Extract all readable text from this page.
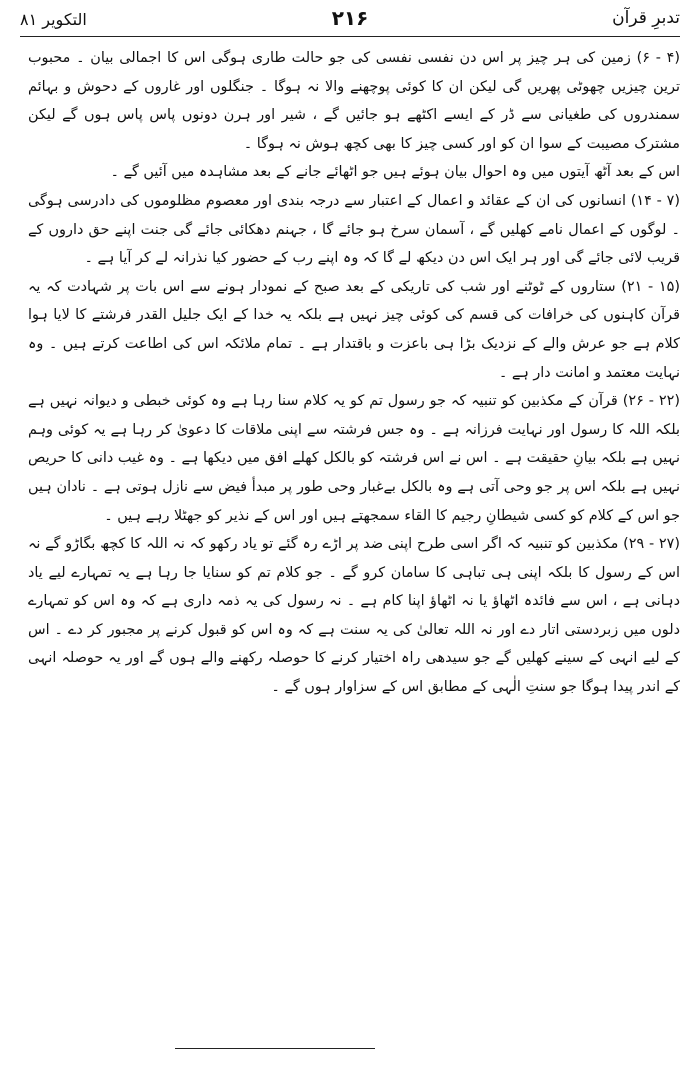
التکویر ۸۱	۲۱۶	تدبرِ قرآن

(۴ - ۶) زمین کی ہر چیز پر اس دن نفسی نفسی کی جو حالت طاری ہوگی اس کا اجمالی بیان ۔ محبوب ترین چیزیں چھوٹی پھریں گی لیکن ان کا کوئی پوچھنے والا نہ ہوگا ۔ جنگلوں اور غاروں کے دحوش و بہائم سمندروں کی طغیانی سے ڈر کے ایسے اکٹھے ہو جائیں گے ، شیر اور ہرن دونوں پاس پاس ہوں گے لیکن مشترک مصیبت کے سوا ان کو اور کسی چیز کا بھی کچھ ہوش نہ ہوگا ۔

اس کے بعد آٹھ آیتوں میں وہ احوال بیان ہوئے ہیں جو اٹھائے جانے کے بعد مشاہدہ میں آئیں گے ۔

(۷ - ۱۴) انسانوں کی ان کے عقائد و اعمال کے اعتبار سے درجہ بندی اور معصوم مظلوموں کی دادرسی ہوگی ۔ لوگوں کے اعمال نامے کھلیں گے ، آسمان سرخ ہو جائے گا ، جہنم دھکائی جائے گی جنت اپنے حق داروں کے قریب لائی جائے گی اور ہر ایک اس دن دیکھ لے گا کہ وہ اپنے رب کے حضور کیا نذرانہ لے کر آیا ہے ۔

(۱۵ - ۲۱) ستاروں کے ٹوٹنے اور شب کی تاریکی کے بعد صبح کے نمودار ہونے سے اس بات پر شہادت کہ یہ قرآن کاہنوں کی خرافات کی قسم کی کوئی چیز نہیں ہے بلکہ یہ خدا کے ایک جلیل القدر فرشتے کا لایا ہوا کلام ہے جو عرش والے کے نزدیک بڑا ہی باعزت و باقتدار ہے ۔ تمام ملائکہ اس کی اطاعت کرتے ہیں ۔ وہ نہایت معتمد و امانت دار ہے ۔

(۲۲ - ۲۶) قرآن کے مکذبین کو تنبیہ کہ جو رسول تم کو یہ کلام سنا رہا ہے وہ کوئی خبطی و دیوانہ نہیں ہے بلکہ اللہ کا رسول اور نہایت فرزانہ ہے ۔ وہ جس فرشتہ سے اپنی ملاقات کا دعویٰ کر رہا ہے یہ کوئی وہم نہیں ہے بلکہ بیانِ حقیقت ہے ۔ اس نے اس فرشتہ کو بالکل کھلے افق میں دیکھا ہے ۔ وہ غیب دانی کا حریص نہیں ہے بلکہ اس پر جو وحی آتی ہے وہ بالکل بےغبار وحی طور پر مبدأ فیض سے نازل ہوتی ہے ۔ نادان ہیں جو اس کے کلام کو کسی شیطانِ رجیم کا القاء سمجھتے ہیں اور اس کے نذیر کو جھٹلا رہے ہیں ۔

(۲۷ - ۲۹) مکذبین کو تنبیہ کہ اگر اسی طرح اپنی ضد پر اڑے رہ گئے تو یاد رکھو کہ نہ اللہ کا کچھ بگاڑو گے نہ اس کے رسول کا بلکہ اپنی ہی تباہی کا سامان کرو گے ۔ جو کلام تم کو سنایا جا رہا ہے یہ تمہارے لیے یاد دہانی ہے ، اس سے فائدہ اٹھاؤ یا نہ اٹھاؤ اپنا کام ہے ۔ نہ رسول کی یہ ذمہ داری ہے کہ وہ اس کو تمہارے دلوں میں زبردستی اتار دے اور نہ اللہ تعالیٰ کی یہ سنت ہے کہ وہ اس کو قبول کرنے پر مجبور کر دے ۔ اس کے لیے انہی کے سینے کھلیں گے جو سیدھی راہ اختیار کرنے کا حوصلہ رکھنے والے ہوں گے اور یہ حوصلہ انہی کے اندر پیدا ہوگا جو سنتِ الٰہی کے مطابق اس کے سزاوار ہوں گے ۔
